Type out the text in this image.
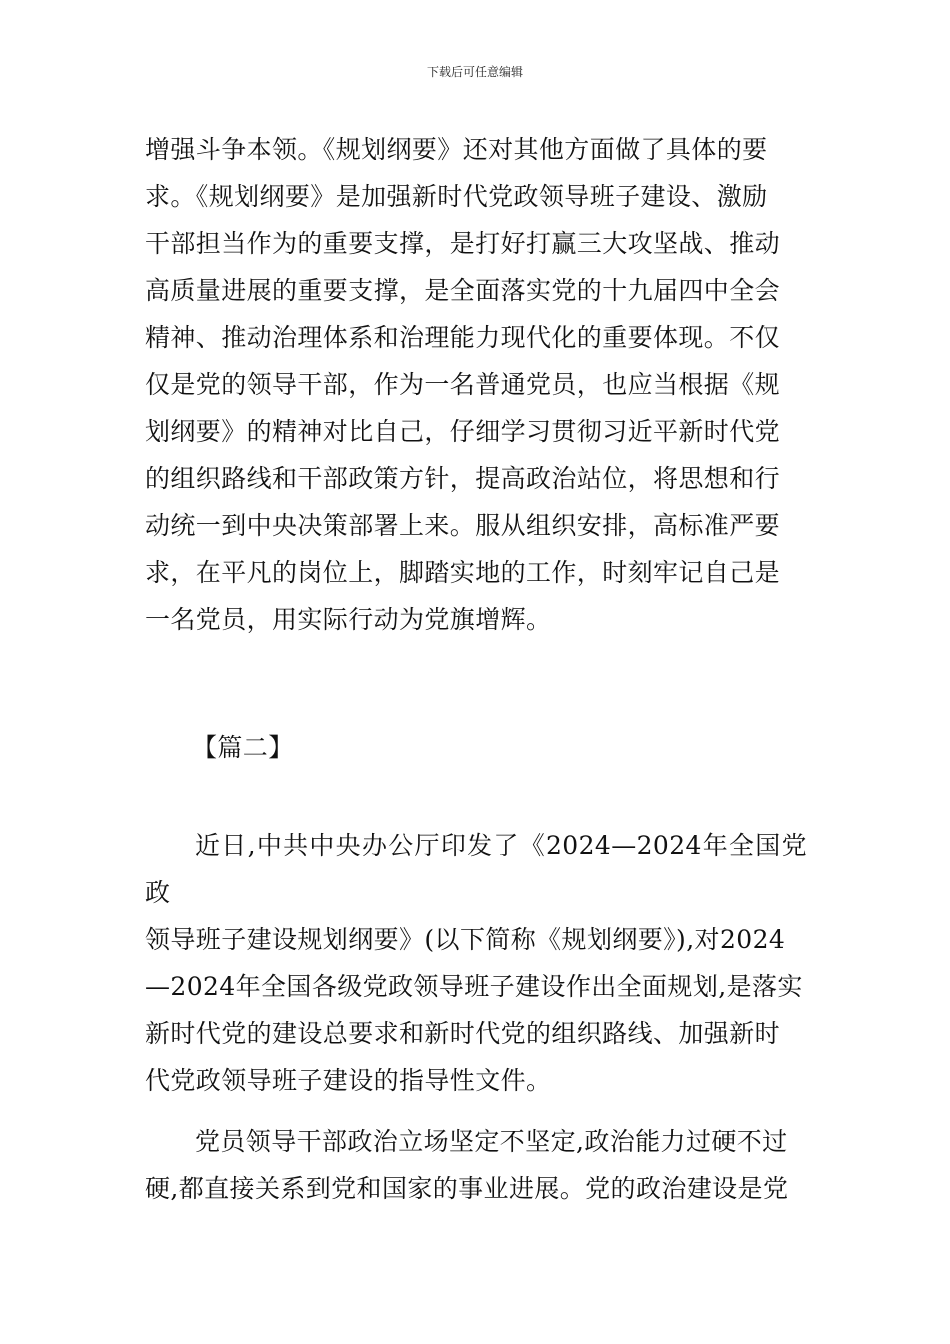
下载后可任意编辑
增强斗争本领。《规划纲要》还对其他方面做了具体的要
求。《规划纲要》是加强新时代党政领导班子建设、激励
干部担当作为的重要支撑，是打好打赢三大攻坚战、推动
高质量进展的重要支撑，是全面落实党的十九届四中全会
精神、推动治理体系和治理能力现代化的重要体现。不仅
仅是党的领导干部，作为一名普通党员，也应当根据《规
划纲要》的精神对比自己，仔细学习贯彻习近平新时代党
的组织路线和干部政策方针，提高政治站位，将思想和行
动统一到中央决策部署上来。服从组织安排，高标准严要
求，在平凡的岗位上，脚踏实地的工作，时刻牢记自己是
一名党员，用实际行动为党旗增辉。
【篇二】
近日,中共中央办公厅印发了《2024—2024年全国党政
领导班子建设规划纲要》(以下简称《规划纲要》),对2024
—2024年全国各级党政领导班子建设作出全面规划,是落实
新时代党的建设总要求和新时代党的组织路线、加强新时
代党政领导班子建设的指导性文件。
党员领导干部政治立场坚定不坚定,政治能力过硬不过
硬,都直接关系到党和国家的事业进展。党的政治建设是党
